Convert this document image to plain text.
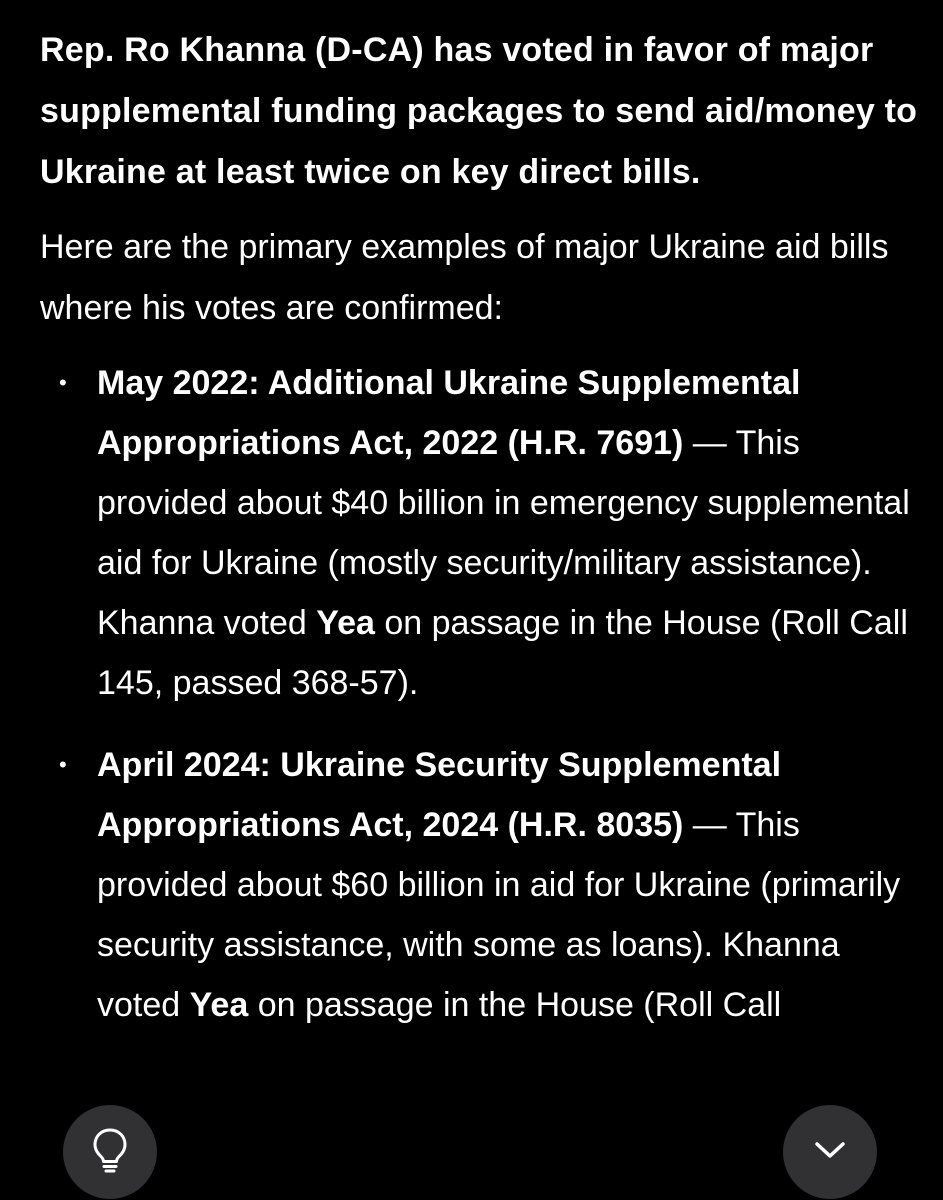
Rep. Ro Khanna (D-CA) has voted in favor of major supplemental funding packages to send aid/money to Ukraine at least twice on key direct bills.

Here are the primary examples of major Ukraine aid bills where his votes are confirmed:

• May 2022: Additional Ukraine Supplemental Appropriations Act, 2022 (H.R. 7691) — This provided about $40 billion in emergency supplemental aid for Ukraine (mostly security/military assistance). Khanna voted Yea on passage in the House (Roll Call 145, passed 368-57).
• April 2024: Ukraine Security Supplemental Appropriations Act, 2024 (H.R. 8035) — This provided about $60 billion in aid for Ukraine (primarily security assistance, with some as loans). Khanna voted Yea on passage in the House (Roll Call
